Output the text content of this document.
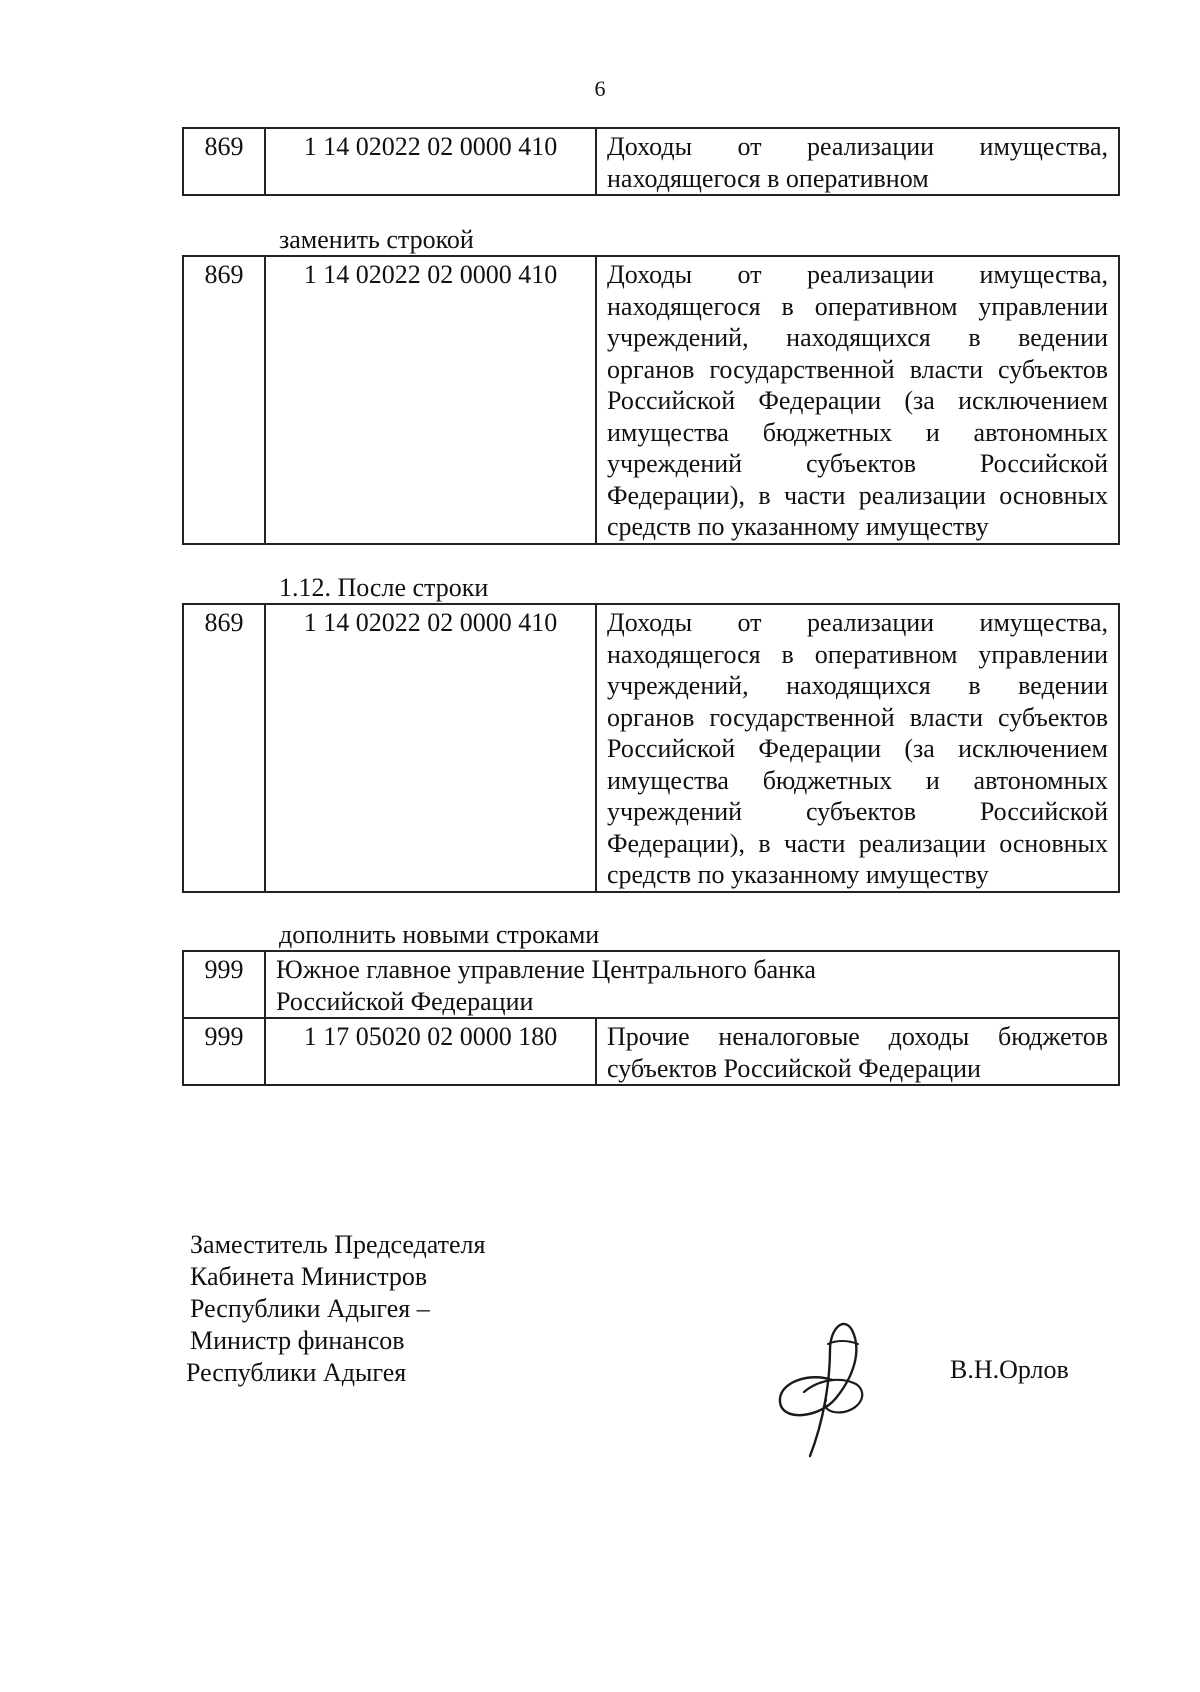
6
869	1 14 02022 02 0000 410	Доходы от реализации имущества, находящегося в оперативном
заменить строкой
869	1 14 02022 02 0000 410	Доходы от реализации имущества, находящегося в оперативном управлении учреждений, находящихся в ведении органов государственной власти субъектов Российской Федерации (за исключением имущества бюджетных и автономных учреждений субъектов Российской Федерации), в части реализации основных средств по указанному имуществу
1.12. После строки
869	1 14 02022 02 0000 410	Доходы от реализации имущества, находящегося в оперативном управлении учреждений, находящихся в ведении органов государственной власти субъектов Российской Федерации (за исключением имущества бюджетных и автономных учреждений субъектов Российской Федерации), в части реализации основных средств по указанному имуществу
дополнить новыми строками
999	Южное главное управление Центрального банка Российской Федерации	
999	1 17 05020 02 0000 180	Прочие неналоговые доходы бюджетов субъектов Российской Федерации
Заместитель Председателя
Кабинета Министров
Республики Адыгея –
Министр финансов
Республики Адыгея	В.Н.Орлов
